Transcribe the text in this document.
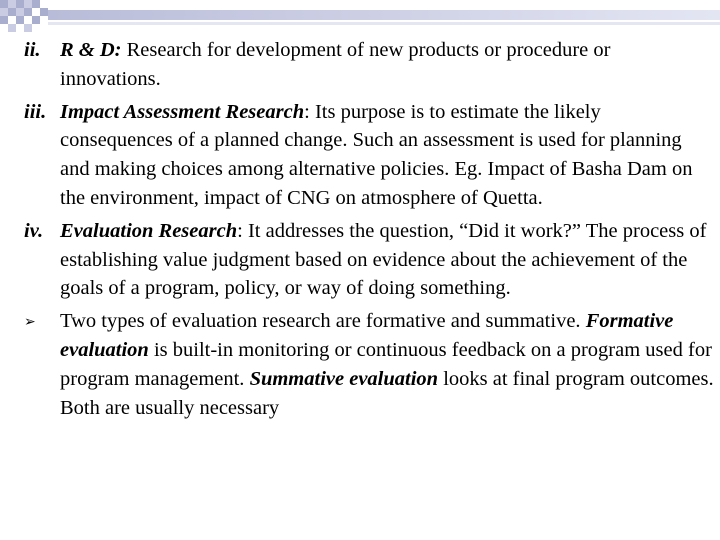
ii. R & D: Research for development of new products or procedure or innovations.
iii. Impact Assessment Research: Its purpose is to estimate the likely consequences of a planned change. Such an assessment is used for planning and making choices among alternative policies. Eg. Impact of Basha Dam on the environment, impact of CNG on atmosphere of Quetta.
iv. Evaluation Research: It addresses the question, “Did it work?” The process of establishing value judgment based on evidence about the achievement of the goals of a program, policy, or way of doing something.
➢	Two types of evaluation research are formative and summative. Formative evaluation is built-in monitoring or continuous feedback on a program used for program management. Summative evaluation looks at final program outcomes. Both are usually necessary
